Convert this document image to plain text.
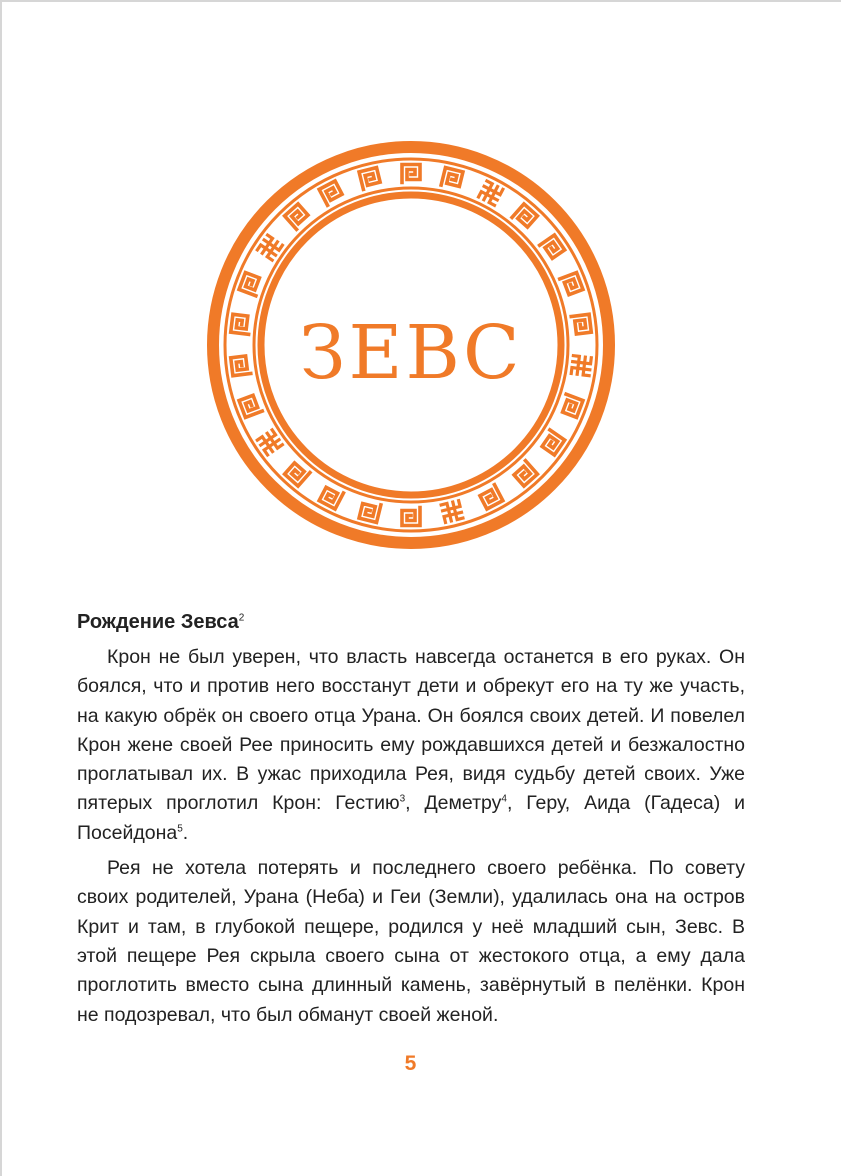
ЗЕВС
Рождение Зевса$^2$

Крон не был уверен, что власть навсегда останется в его руках. Он боялся, что и против него восстанут дети и обрекут его на ту же участь, на какую обрёк он своего отца Урана. Он боялся своих детей. И повелел Крон жене своей Рее приносить ему рождавшихся детей и безжалостно проглатывал их. В ужас приходила Рея, видя судьбу детей своих. Уже пятерых проглотил Крон: Гестию$^3$, Деметру$^4$, Геру, Аида (Гадеса) и Посейдона$^5$.

Рея не хотела потерять и последнего своего ребёнка. По совету своих родителей, Урана (Неба) и Геи (Земли), удалилась она на остров Крит и там, в глубокой пещере, родился у неё младший сын, Зевс. В этой пещере Рея скрыла своего сына от жестокого отца, а ему дала проглотить вместо сына длинный камень, завёрнутый в пелёнки. Крон не подозревал, что был обманут своей женой.

5
